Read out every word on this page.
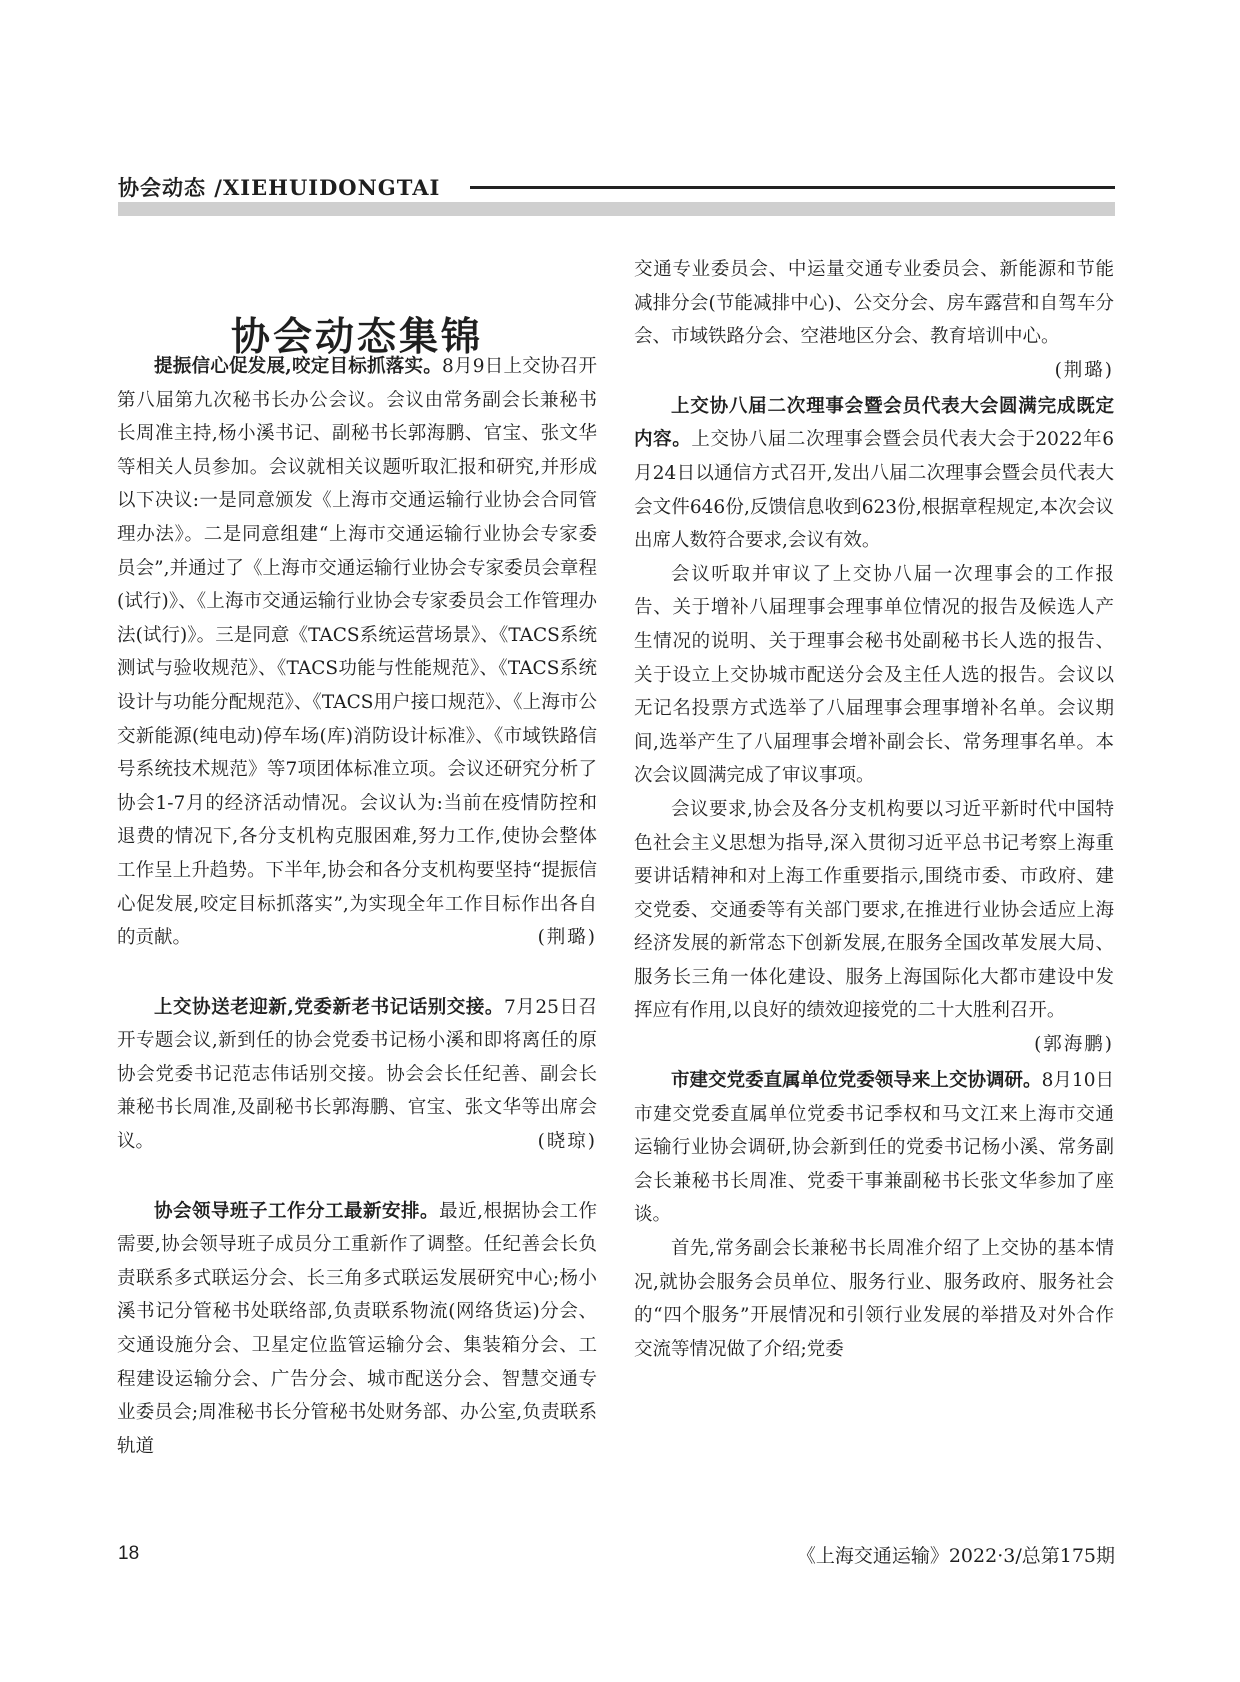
协会动态 /XIEHUIDONGTAI
协会动态集锦

提振信心促发展,咬定目标抓落实。8月9日上交协召开第八届第九次秘书长办公会议。会议由常务副会长兼秘书长周准主持,杨小溪书记、副秘书长郭海鹏、官宝、张文华等相关人员参加。会议就相关议题听取汇报和研究,并形成以下决议:一是同意颁发《上海市交通运输行业协会合同管理办法》。二是同意组建“上海市交通运输行业协会专家委员会”,并通过了《上海市交通运输行业协会专家委员会章程(试行)》、《上海市交通运输行业协会专家委员会工作管理办法(试行)》。三是同意《TACS系统运营场景》、《TACS系统测试与验收规范》、《TACS功能与性能规范》、《TACS系统设计与功能分配规范》、《TACS用户接口规范》、《上海市公交新能源(纯电动)停车场(库)消防设计标准》、《市域铁路信号系统技术规范》等7项团体标准立项。会议还研究分析了协会1-7月的经济活动情况。会议认为:当前在疫情防控和退费的情况下,各分支机构克服困难,努力工作,使协会整体工作呈上升趋势。下半年,协会和各分支机构要坚持“提振信心促发展,咬定目标抓落实”,为实现全年工作目标作出各自的贡献。	(荆璐)

上交协送老迎新,党委新老书记话别交接。7月25日召开专题会议,新到任的协会党委书记杨小溪和即将离任的原协会党委书记范志伟话别交接。协会会长任纪善、副会长兼秘书长周准,及副秘书长郭海鹏、官宝、张文华等出席会议。	(晓琼)

协会领导班子工作分工最新安排。最近,根据协会工作需要,协会领导班子成员分工重新作了调整。任纪善会长负责联系多式联运分会、长三角多式联运发展研究中心;杨小溪书记分管秘书处联络部,负责联系物流(网络货运)分会、交通设施分会、卫星定位监管运输分会、集装箱分会、工程建设运输分会、广告分会、城市配送分会、智慧交通专业委员会;周准秘书长分管秘书处财务部、办公室,负责联系轨道

交通专业委员会、中运量交通专业委员会、新能源和节能减排分会(节能减排中心)、公交分会、房车露营和自驾车分会、市域铁路分会、空港地区分会、教育培训中心。
(荆璐)

上交协八届二次理事会暨会员代表大会圆满完成既定内容。上交协八届二次理事会暨会员代表大会于2022年6月24日以通信方式召开,发出八届二次理事会暨会员代表大会文件646份,反馈信息收到623份,根据章程规定,本次会议出席人数符合要求,会议有效。

会议听取并审议了上交协八届一次理事会的工作报告、关于增补八届理事会理事单位情况的报告及候选人产生情况的说明、关于理事会秘书处副秘书长人选的报告、关于设立上交协城市配送分会及主任人选的报告。会议以无记名投票方式选举了八届理事会理事增补名单。会议期间,选举产生了八届理事会增补副会长、常务理事名单。本次会议圆满完成了审议事项。

会议要求,协会及各分支机构要以习近平新时代中国特色社会主义思想为指导,深入贯彻习近平总书记考察上海重要讲话精神和对上海工作重要指示,围绕市委、市政府、建交党委、交通委等有关部门要求,在推进行业协会适应上海经济发展的新常态下创新发展,在服务全国改革发展大局、服务长三角一体化建设、服务上海国际化大都市建设中发挥应有作用,以良好的绩效迎接党的二十大胜利召开。
(郭海鹏)

市建交党委直属单位党委领导来上交协调研。8月10日市建交党委直属单位党委书记季权和马文江来上海市交通运输行业协会调研,协会新到任的党委书记杨小溪、常务副会长兼秘书长周准、党委干事兼副秘书长张文华参加了座谈。

首先,常务副会长兼秘书长周准介绍了上交协的基本情况,就协会服务会员单位、服务行业、服务政府、服务社会的“四个服务”开展情况和引领行业发展的举措及对外合作交流等情况做了介绍;党委

18	《上海交通运输》2022·3/总第175期
